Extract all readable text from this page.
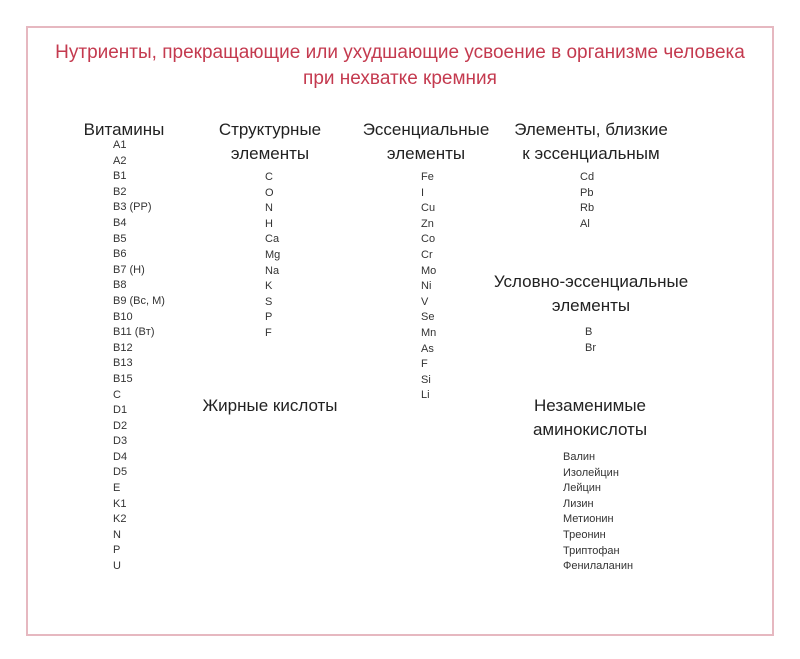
Нутриенты, прекращающие или ухудшающие усвоение в организме человека
при нехватке кремния
Витамины
A1
A2
B1
B2
B3 (PP)
B4
B5
B6
B7 (H)
B8
B9 (Bc, M)
B10
B11 (Bт)
B12
B13
B15
C
D1
D2
D3
D4
D5
E
K1
K2
N
P
U
Структурные
элементы
C
O
N
H
Ca
Mg
Na
K
S
P
F
Жирные кислоты
Эссенциальные
элементы
Fe
I
Cu
Zn
Co
Cr
Mo
Ni
V
Se
Mn
As
F
Si
Li
Элементы, близкие
к эссенциальным
Cd
Pb
Rb
Al
Условно-эссенциальные
элементы
B
Br
Незаменимые
аминокислоты
Валин
Изолейцин
Лейцин
Лизин
Метионин
Треонин
Триптофан
Фенилаланин
